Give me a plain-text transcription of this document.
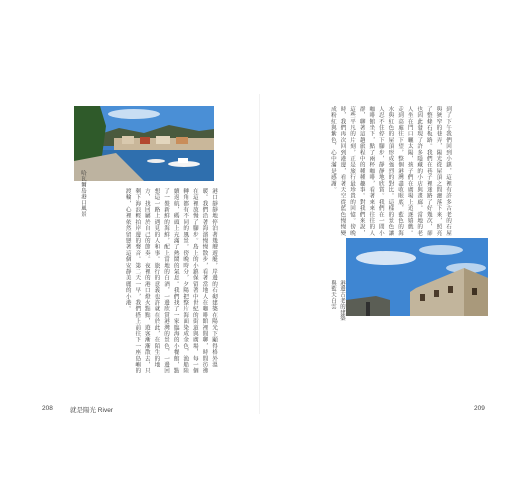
哈瓦爾島港口風景	港口靜靜地停泊著幾艘遊艇，岸邊的石砌建築在陽光下顯得格外溫暖。我們沿著海濱慢慢散步，看著當地人在咖啡館裡閒聊，時間彷彿在這裡放慢了腳步。島上的小鎮保留著中世紀的街道與廣場，每一個轉角都有不同的風景。傍晚時分，夕陽把整片海面染成金色，漁船陸續返航，碼頭上充滿了熱鬧的氣息。我們找了一家臨海的小餐館，點了一盤新鮮的海鮮，配上當地的白酒，一邊欣賞港灣的景色，一邊回想這一路上遇見的人和事。旅行的意義也許就在於此，在陌生的地方，找回屬於自己的節奏。夜裡的港口燈火點點，遊客漸漸散去，只剩下海浪輕拍岸邊的聲音。第二天一早，我們搭上前往下一座島嶼的渡輪，心裡依然留戀著這個安靜美麗的小港。
208	就是陽光 River
到了下午我們回到小鎮，這裡有許多古老的石屋與狹窄的巷弄，陽光從屋頂之間灑落下來，照亮了整條石板路。我們在巷子裡迷路了好幾次，卻也因此發現了許多隱藏的小店與畫廊。當地的老人坐在門口曬太陽，孩子們在廣場上追逐嬉戲。走到高處往下望，整個港灣盡收眼底，藍色的海水與紅色的屋頂形成強烈的對比。這樣的景色讓人忍不住停下腳步，靜靜地欣賞。我們在一間小咖啡館坐下，點了兩杯咖啡，看著來來往往的人群，聊著這趟旅程中的種種趣事。對我們來說，這些平凡的片刻，正是旅行最珍貴的回憶。傍晚時，我們再次回到港邊，看著天空從藍色慢慢變成粉紅與紫色，心中滿是感謝。
港邊古老的建築與藍天白雲
209
